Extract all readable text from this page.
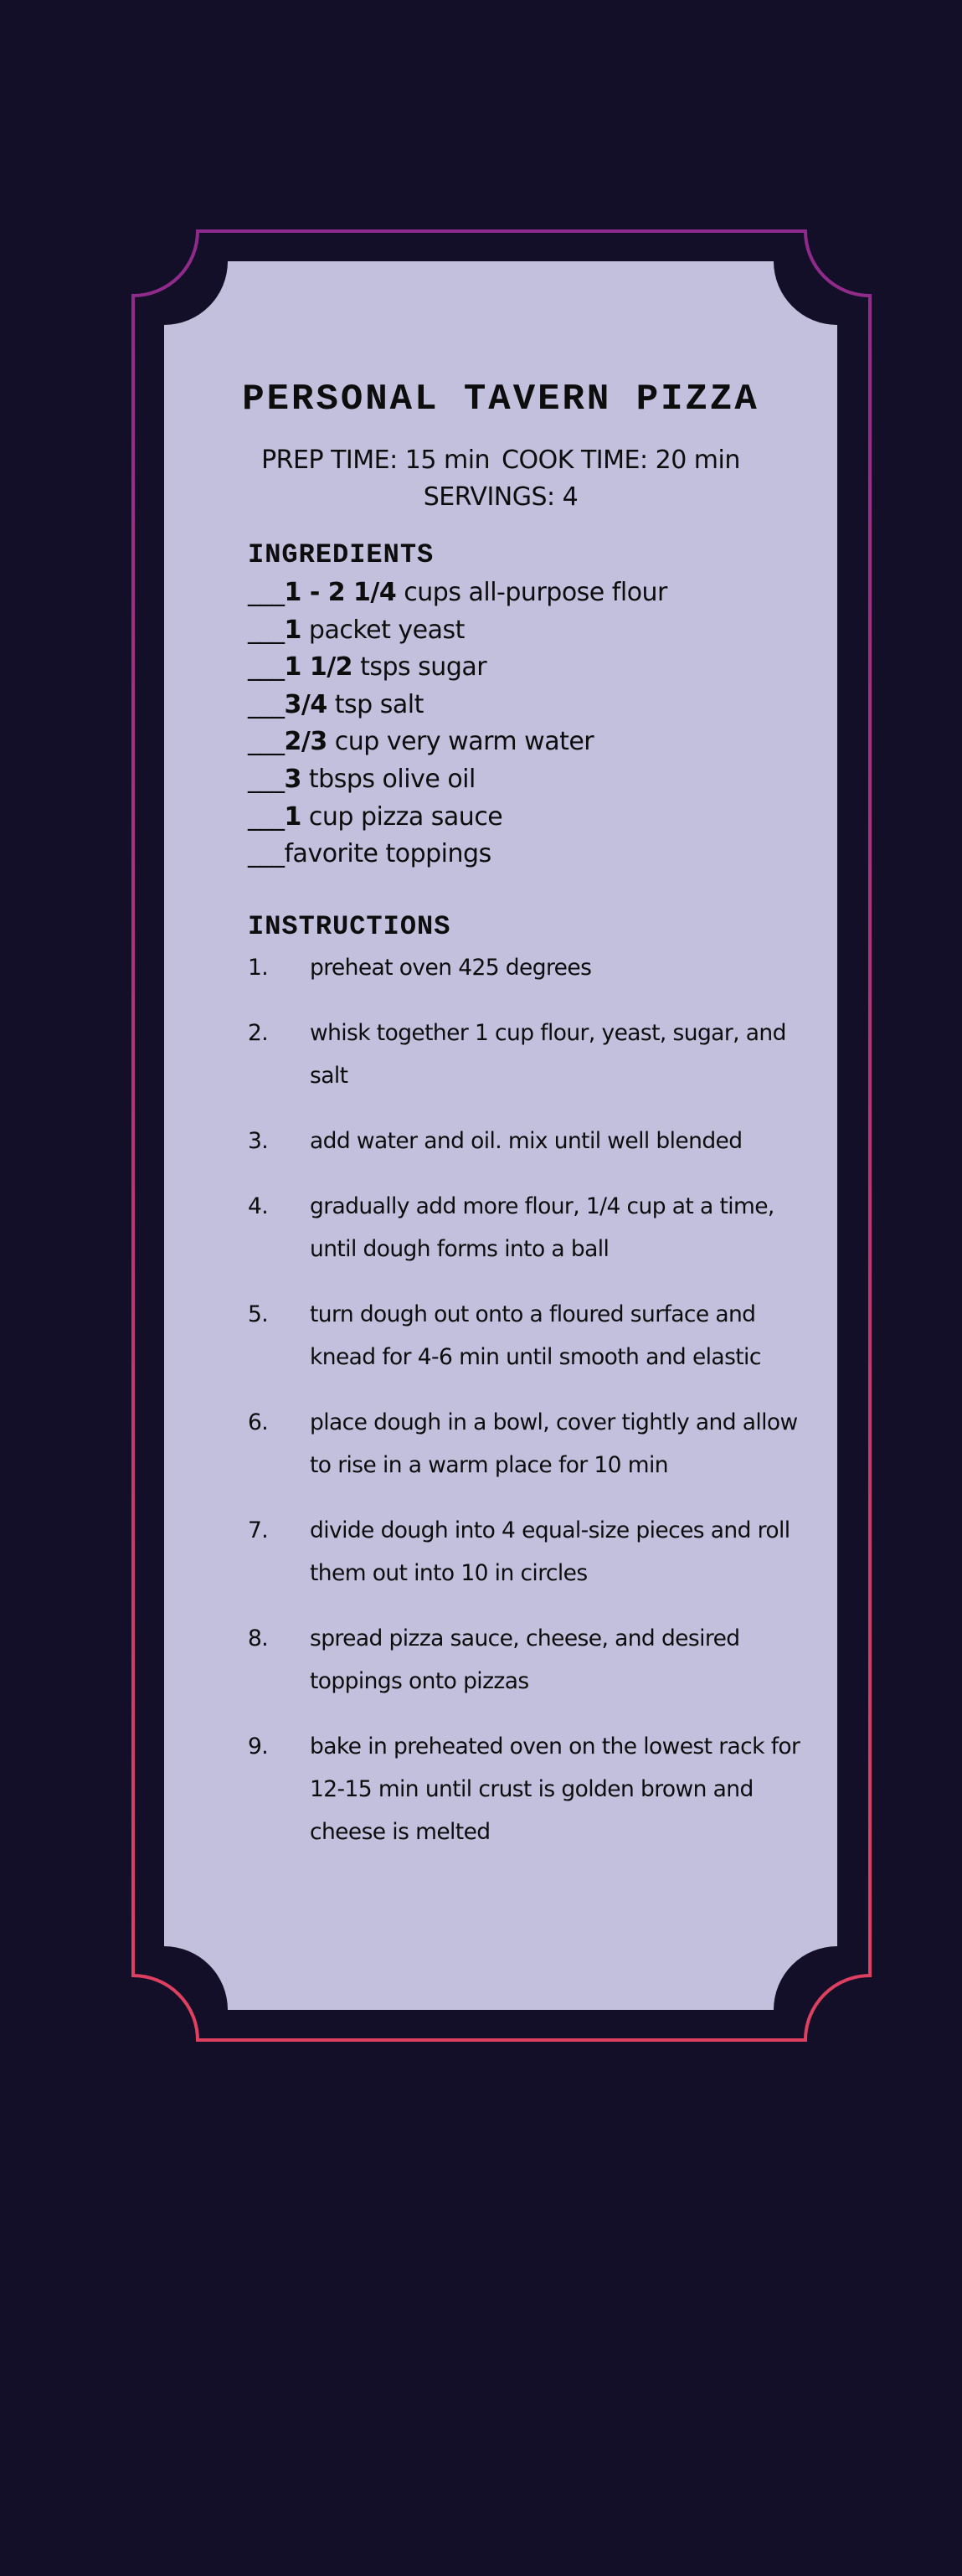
PERSONAL TAVERN PIZZA
PREP TIME: 15 min COOK TIME: 20 min
SERVINGS: 4
INGREDIENTS
___1 - 2 1/4 cups all-purpose flour
___1 packet yeast
___1 1/2 tsps sugar
___3/4 tsp salt
___2/3 cup very warm water
___3 tbsps olive oil
___1 cup pizza sauce
___favorite toppings
INSTRUCTIONS
1.	preheat oven 425 degrees
2.	whisk together 1 cup flour, yeast, sugar, and salt
3.	add water and oil. mix until well blended
4.	gradually add more flour, 1/4 cup at a time, until dough forms into a ball
5.	turn dough out onto a floured surface and knead for 4-6 min until smooth and elastic
6.	place dough in a bowl, cover tightly and allow to rise in a warm place for 10 min
7.	divide dough into 4 equal-size pieces and roll them out into 10 in circles
8.	spread pizza sauce, cheese, and desired toppings onto pizzas
9.	bake in preheated oven on the lowest rack for 12-15 min until crust is golden brown and cheese is melted
